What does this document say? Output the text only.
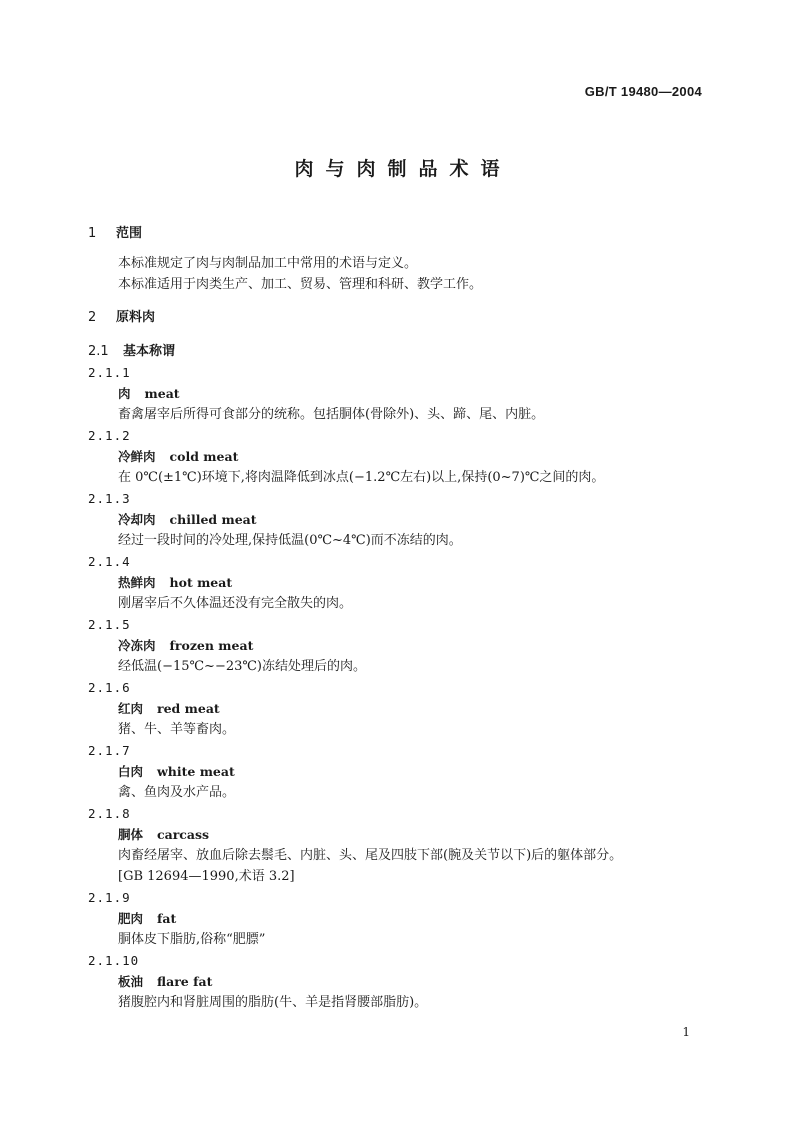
GB/T 19480—2004
肉与肉制品术语
1 范围
本标准规定了肉与肉制品加工中常用的术语与定义。
本标准适用于肉类生产、加工、贸易、管理和科研、教学工作。
2 原料肉
2.1 基本称谓
2.1.1
肉 meat
畜禽屠宰后所得可食部分的统称。包括胴体(骨除外)、头、蹄、尾、内脏。
2.1.2
冷鲜肉 cold meat
在 0℃(±1℃)环境下,将肉温降低到冰点(−1.2℃左右)以上,保持(0~7)℃之间的肉。
2.1.3
冷却肉 chilled meat
经过一段时间的冷处理,保持低温(0℃~4℃)而不冻结的肉。
2.1.4
热鲜肉 hot meat
刚屠宰后不久体温还没有完全散失的肉。
2.1.5
冷冻肉 frozen meat
经低温(−15℃~−23℃)冻结处理后的肉。
2.1.6
红肉 red meat
猪、牛、羊等畜肉。
2.1.7
白肉 white meat
禽、鱼肉及水产品。
2.1.8
胴体 carcass
肉畜经屠宰、放血后除去鬃毛、内脏、头、尾及四肢下部(腕及关节以下)后的躯体部分。
[GB 12694—1990,术语 3.2]
2.1.9
肥肉 fat
胴体皮下脂肪,俗称“肥膘”
2.1.10
板油 flare fat
猪腹腔内和肾脏周围的脂肪(牛、羊是指肾腰部脂肪)。
1
